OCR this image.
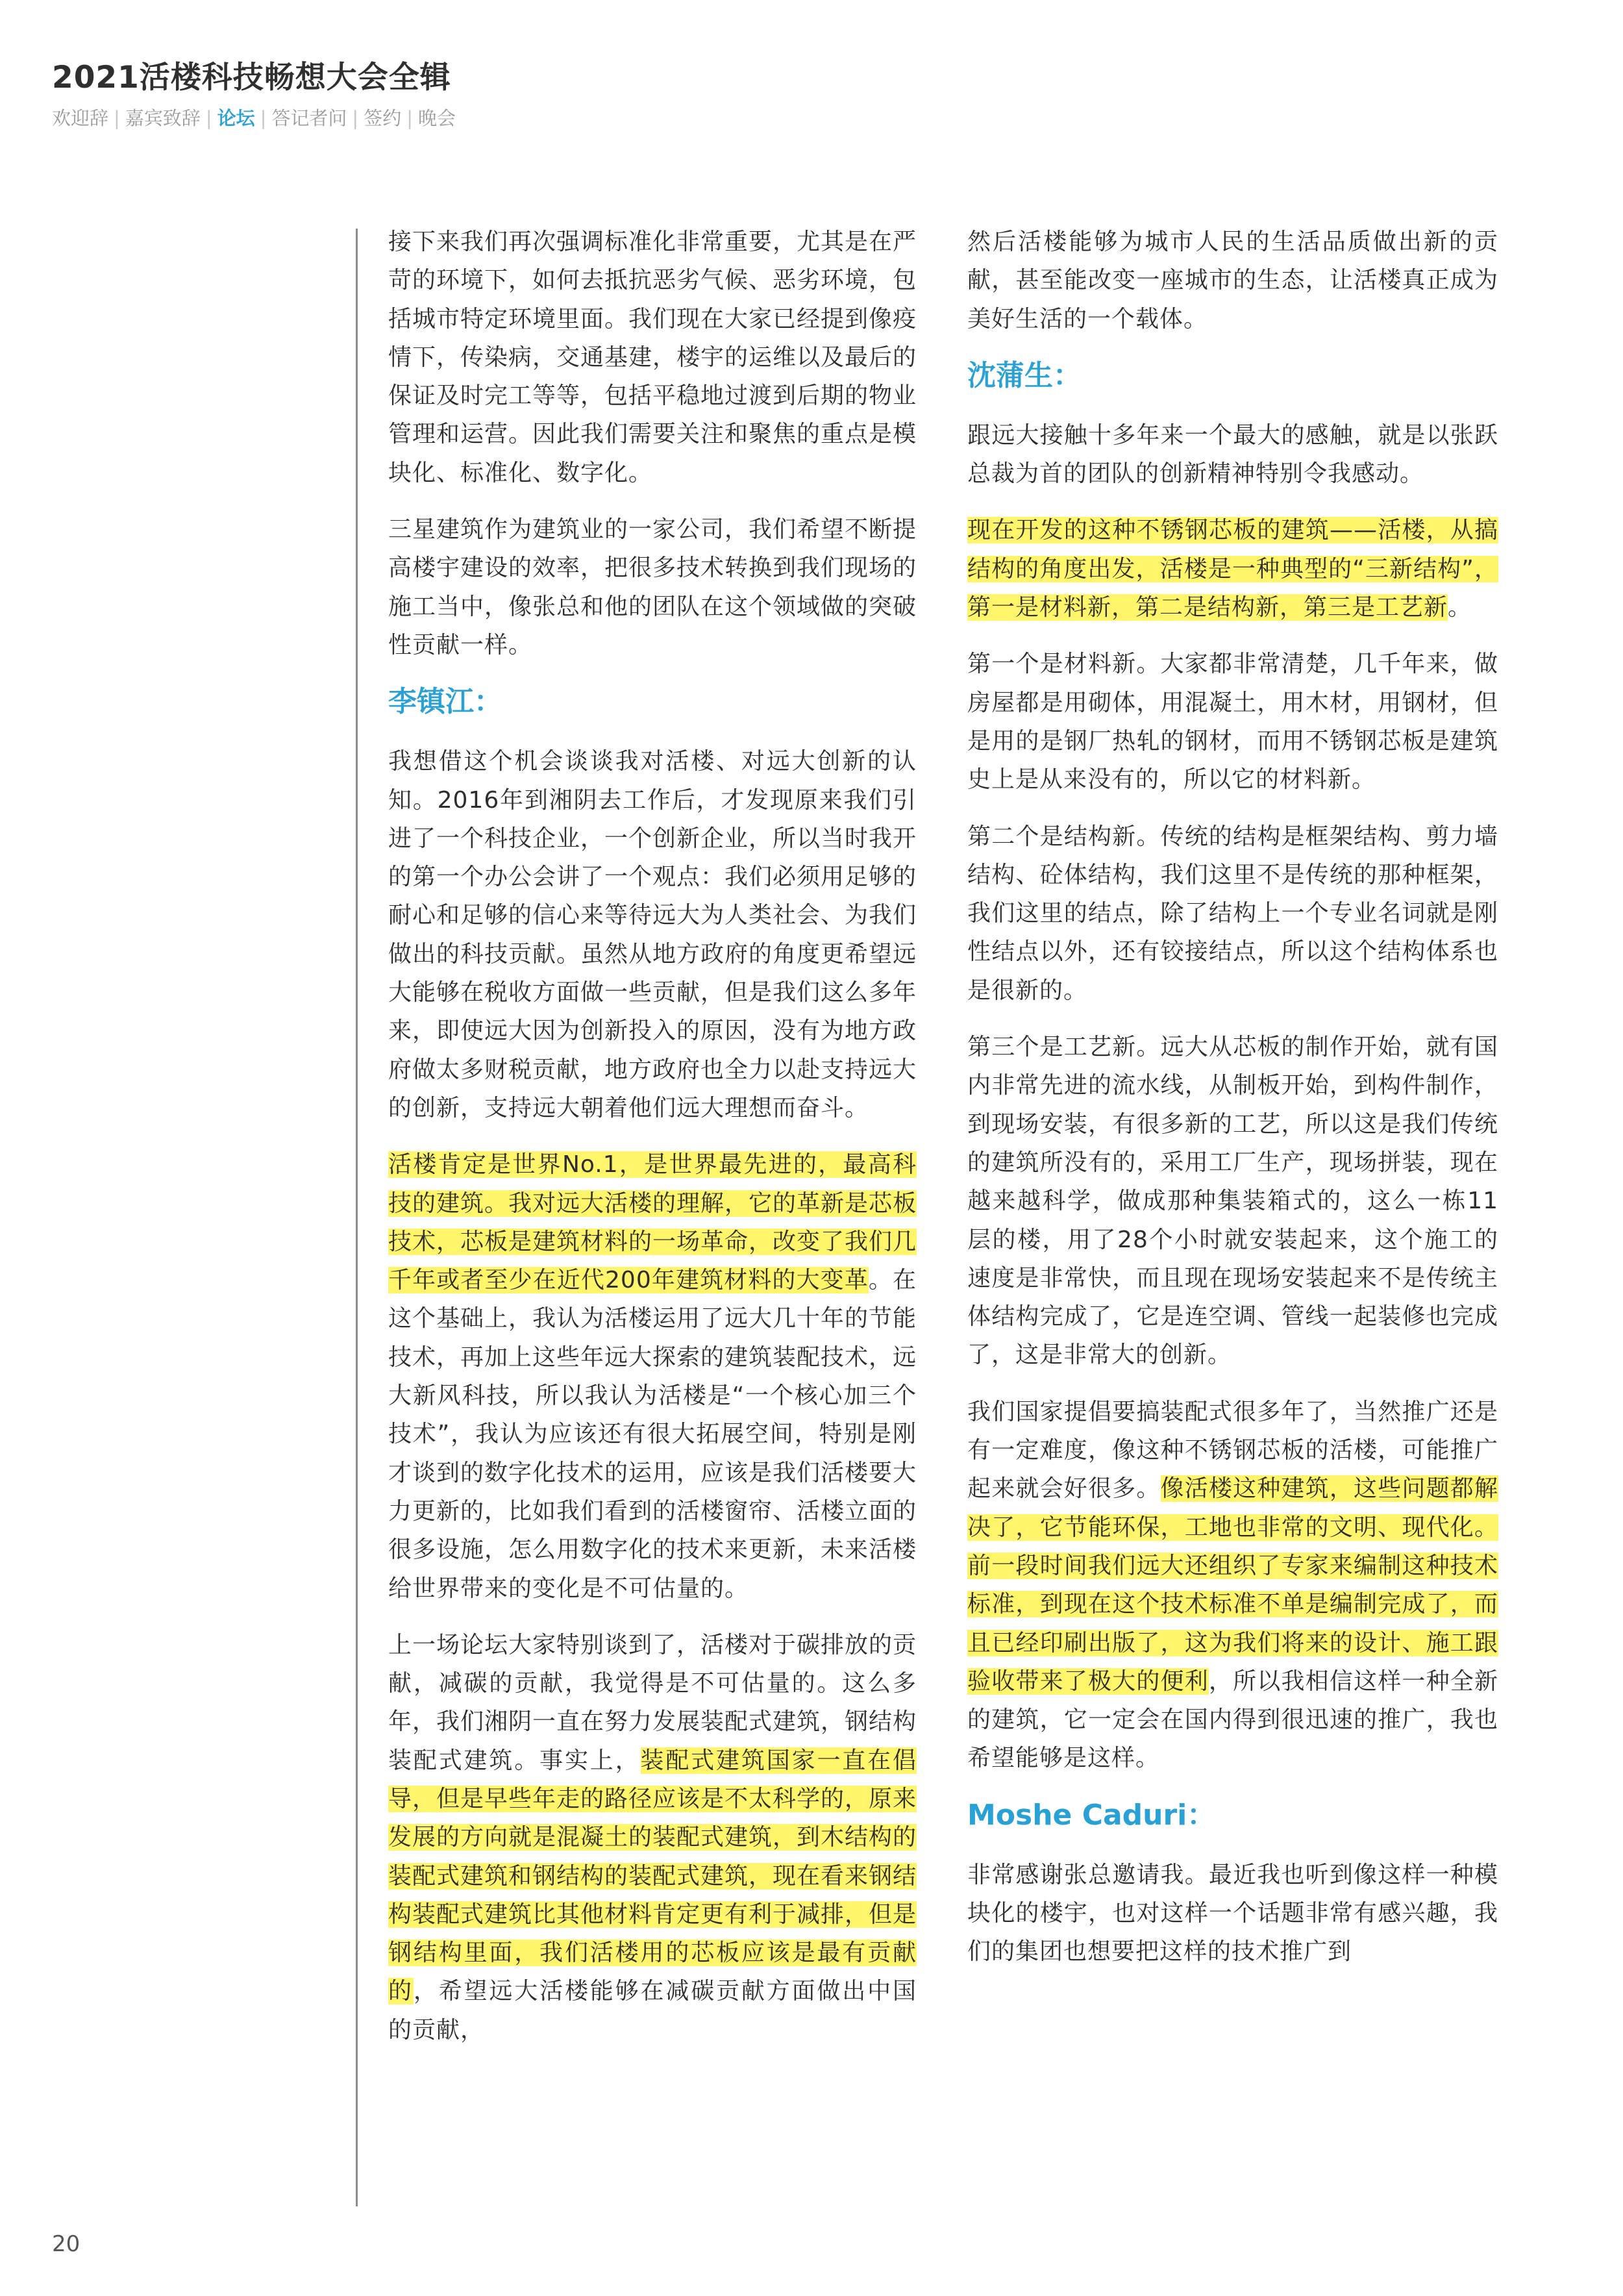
2021活楼科技畅想大会全辑
欢迎辞 | 嘉宾致辞 | 论坛 | 答记者问 | 签约 | 晚会

接下来我们再次强调标准化非常重要，尤其是在严苛的环境下，如何去抵抗恶劣气候、恶劣环境，包括城市特定环境里面。我们现在大家已经提到像疫情下，传染病，交通基建，楼宇的运维以及最后的保证及时完工等等，包括平稳地过渡到后期的物业管理和运营。因此我们需要关注和聚焦的重点是模块化、标准化、数字化。

三星建筑作为建筑业的一家公司，我们希望不断提高楼宇建设的效率，把很多技术转换到我们现场的施工当中，像张总和他的团队在这个领域做的突破性贡献一样。

李镇江：

我想借这个机会谈谈我对活楼、对远大创新的认知。2016年到湘阴去工作后，才发现原来我们引进了一个科技企业，一个创新企业，所以当时我开的第一个办公会讲了一个观点：我们必须用足够的耐心和足够的信心来等待远大为人类社会、为我们做出的科技贡献。虽然从地方政府的角度更希望远大能够在税收方面做一些贡献，但是我们这么多年来，即使远大因为创新投入的原因，没有为地方政府做太多财税贡献，地方政府也全力以赴支持远大的创新，支持远大朝着他们远大理想而奋斗。

活楼肯定是世界No.1，是世界最先进的，最高科技的建筑。我对远大活楼的理解，它的革新是芯板技术，芯板是建筑材料的一场革命，改变了我们几千年或者至少在近代200年建筑材料的大变革。在这个基础上，我认为活楼运用了远大几十年的节能技术，再加上这些年远大探索的建筑装配技术，远大新风科技，所以我认为活楼是“一个核心加三个技术”，我认为应该还有很大拓展空间，特别是刚才谈到的数字化技术的运用，应该是我们活楼要大力更新的，比如我们看到的活楼窗帘、活楼立面的很多设施，怎么用数字化的技术来更新，未来活楼给世界带来的变化是不可估量的。

上一场论坛大家特别谈到了，活楼对于碳排放的贡献，减碳的贡献，我觉得是不可估量的。这么多年，我们湘阴一直在努力发展装配式建筑，钢结构装配式建筑。事实上，装配式建筑国家一直在倡导，但是早些年走的路径应该是不太科学的，原来发展的方向就是混凝土的装配式建筑，到木结构的装配式建筑和钢结构的装配式建筑，现在看来钢结构装配式建筑比其他材料肯定更有利于减排，但是钢结构里面，我们活楼用的芯板应该是最有贡献的，希望远大活楼能够在减碳贡献方面做出中国的贡献，

然后活楼能够为城市人民的生活品质做出新的贡献，甚至能改变一座城市的生态，让活楼真正成为美好生活的一个载体。

沈蒲生：

跟远大接触十多年来一个最大的感触，就是以张跃总裁为首的团队的创新精神特别令我感动。

现在开发的这种不锈钢芯板的建筑——活楼，从搞结构的角度出发，活楼是一种典型的“三新结构”，第一是材料新，第二是结构新，第三是工艺新。

第一个是材料新。大家都非常清楚，几千年来，做房屋都是用砌体，用混凝土，用木材，用钢材，但是用的是钢厂热轧的钢材，而用不锈钢芯板是建筑史上是从来没有的，所以它的材料新。

第二个是结构新。传统的结构是框架结构、剪力墙结构、砼体结构，我们这里不是传统的那种框架，我们这里的结点，除了结构上一个专业名词就是刚性结点以外，还有铰接结点，所以这个结构体系也是很新的。

第三个是工艺新。远大从芯板的制作开始，就有国内非常先进的流水线，从制板开始，到构件制作，到现场安装，有很多新的工艺，所以这是我们传统的建筑所没有的，采用工厂生产，现场拼装，现在越来越科学，做成那种集装箱式的，这么一栋11层的楼，用了28个小时就安装起来，这个施工的速度是非常快，而且现在现场安装起来不是传统主体结构完成了，它是连空调、管线一起装修也完成了，这是非常大的创新。

我们国家提倡要搞装配式很多年了，当然推广还是有一定难度，像这种不锈钢芯板的活楼，可能推广起来就会好很多。像活楼这种建筑，这些问题都解决了，它节能环保，工地也非常的文明、现代化。前一段时间我们远大还组织了专家来编制这种技术标准，到现在这个技术标准不单是编制完成了，而且已经印刷出版了，这为我们将来的设计、施工跟验收带来了极大的便利，所以我相信这样一种全新的建筑，它一定会在国内得到很迅速的推广，我也希望能够是这样。

Moshe Caduri：

非常感谢张总邀请我。最近我也听到像这样一种模块化的楼宇，也对这样一个话题非常有感兴趣，我们的集团也想要把这样的技术推广到

20
